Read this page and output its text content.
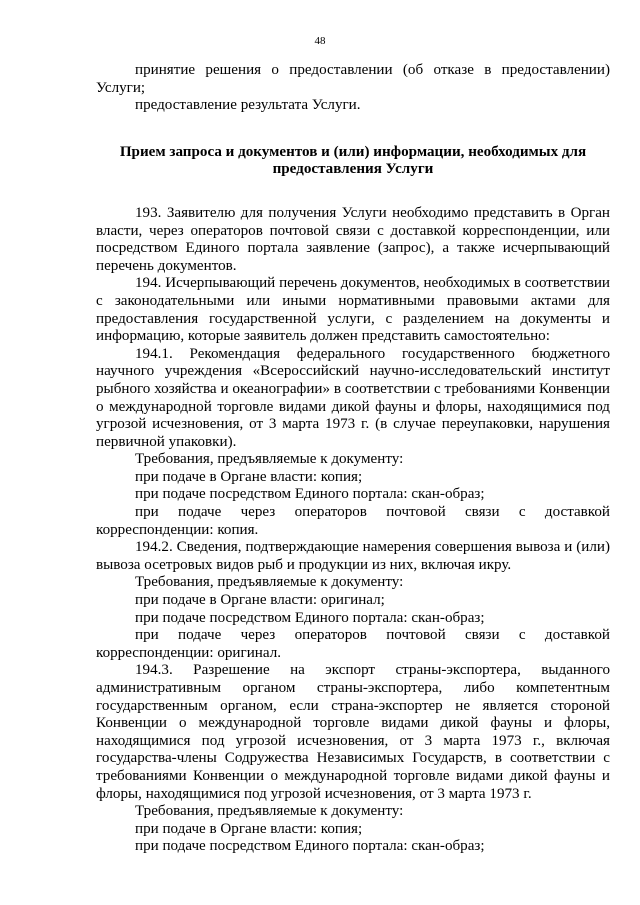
48

принятие решения о предоставлении (об отказе в предоставлении) Услуги;

предоставление результата Услуги.

Прием запроса и документов и (или) информации, необходимых для предоставления Услуги

193. Заявителю для получения Услуги необходимо представить в Орган власти, через операторов почтовой связи с доставкой корреспонденции, или посредством Единого портала заявление (запрос), а также исчерпывающий перечень документов.

194. Исчерпывающий перечень документов, необходимых в соответствии с законодательными или иными нормативными правовыми актами для предоставления государственной услуги, с разделением на документы и информацию, которые заявитель должен представить самостоятельно:

194.1. Рекомендация федерального государственного бюджетного научного учреждения «Всероссийский научно-исследовательский институт рыбного хозяйства и океанографии» в соответствии с требованиями Конвенции о международной торговле видами дикой фауны и флоры, находящимися под угрозой исчезновения, от 3 марта 1973 г. (в случае переупаковки, нарушения первичной упаковки).

Требования, предъявляемые к документу:

при подаче в Органе власти: копия;

при подаче посредством Единого портала: скан-образ;

при подаче через операторов почтовой связи с доставкой корреспонденции: копия.

194.2. Сведения, подтверждающие намерения совершения вывоза и (или) вывоза осетровых видов рыб и продукции из них, включая икру.

Требования, предъявляемые к документу:

при подаче в Органе власти: оригинал;

при подаче посредством Единого портала: скан-образ;

при подаче через операторов почтовой связи с доставкой корреспонденции: оригинал.

194.3. Разрешение на экспорт страны-экспортера, выданного административным органом страны-экспортера, либо компетентным государственным органом, если страна-экспортер не является стороной Конвенции о международной торговле видами дикой фауны и флоры, находящимися под угрозой исчезновения, от 3 марта 1973 г., включая государства-члены Содружества Независимых Государств, в соответствии с требованиями Конвенции о международной торговле видами дикой фауны и флоры, находящимися под угрозой исчезновения, от 3 марта 1973 г.

Требования, предъявляемые к документу:

при подаче в Органе власти: копия;

при подаче посредством Единого портала: скан-образ;
